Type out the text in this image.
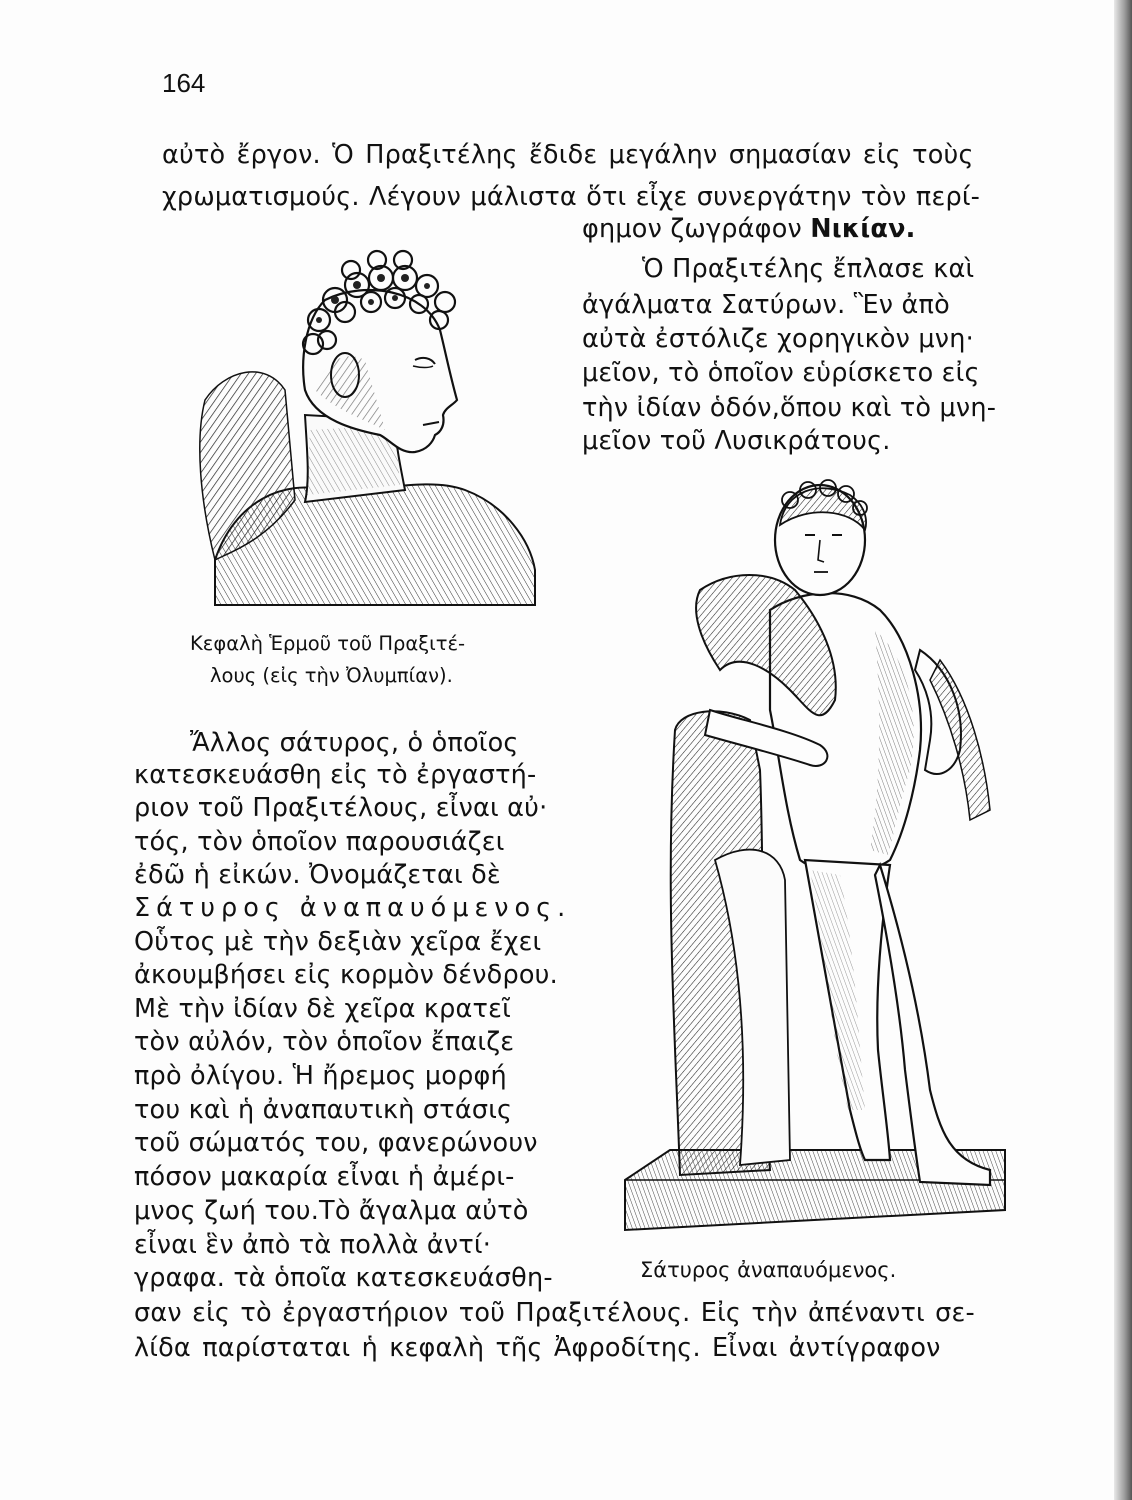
164
αὐτὸ ἔργον. Ὁ Πραξιτέλης ἔδιδε μεγάλην σημασίαν εἰς τοὺς
χρωματισμούς. Λέγουν μάλιστα ὅτι εἶχε συνεργάτην τὸν περί-
φημον ζωγράφον Νικίαν.
Ὁ Πραξιτέλης ἔπλασε καὶ
ἀγάλματα Σατύρων. Ἓν ἀπὸ
αὐτὰ ἐστόλιζε χορηγικὸν μνη·
μεῖον, τὸ ὁποῖον εὑρίσκετο εἰς
τὴν ἰδίαν ὁδόν,ὅπου καὶ τὸ μνη-
μεῖον τοῦ Λυσικράτους.
Κεφαλὴ Ἑρμοῦ τοῦ Πραξιτέ-
λους (εἰς τὴν Ὀλυμπίαν).
Ἄλλος σάτυρος, ὁ ὁποῖος
κατεσκευάσθη εἰς τὸ ἐργαστή-
ριον τοῦ Πραξιτέλους, εἶναι αὐ·
τός, τὸν ὁποῖον παρουσιάζει
ἐδῶ ἡ εἰκών. Ὀνομάζεται δὲ
Σάτυρος ἀναπαυόμενος.
Οὗτος μὲ τὴν δεξιὰν χεῖρα ἔχει
ἀκουμβήσει εἰς κορμὸν δένδρου.
Μὲ τὴν ἰδίαν δὲ χεῖρα κρατεῖ
τὸν αὐλόν, τὸν ὁποῖον ἔπαιζε
πρὸ ὀλίγου. Ἡ ἤρεμος μορφή
του καὶ ἡ ἀναπαυτικὴ στάσις
τοῦ σώματός του, φανερώνουν
πόσον μακαρία εἶναι ἡ ἀμέρι-
μνος ζωή του.Τὸ ἄγαλμα αὐτὸ
εἶναι ἓν ἀπὸ τὰ πολλὰ ἀντί·
γραφα. τὰ ὁποῖα κατεσκευάσθη-	Σάτυρος ἀναπαυόμενος.
σαν εἰς τὸ ἐργαστήριον τοῦ Πραξιτέλους. Εἰς τὴν ἀπέναντι σε-
λίδα παρίσταται ἡ κεφαλὴ τῆς Ἀφροδίτης. Εἶναι ἀντίγραφον
